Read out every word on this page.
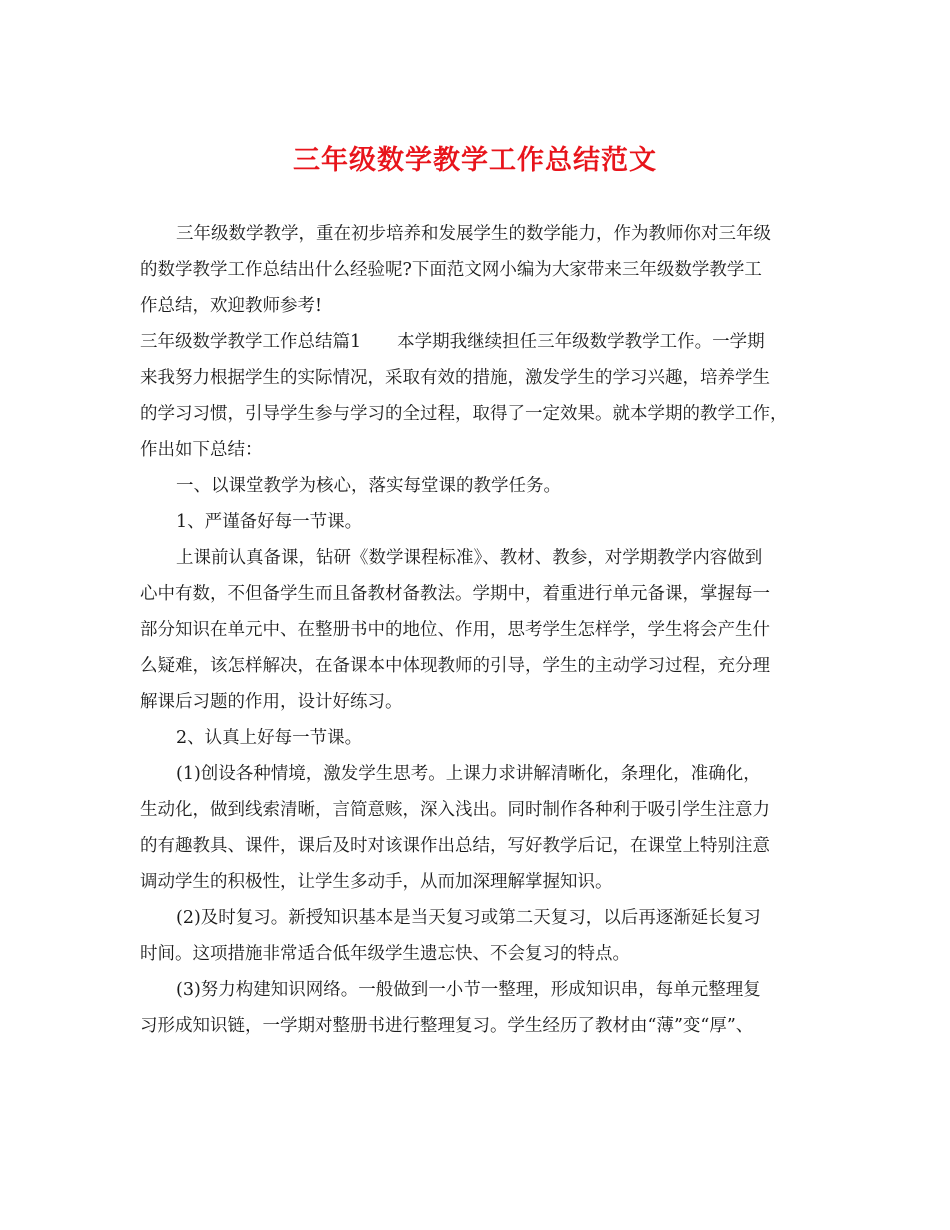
三年级数学教学工作总结范文
三年级数学教学，重在初步培养和发展学生的数学能力，作为教师你对三年级
的数学教学工作总结出什么经验呢?下面范文网小编为大家带来三年级数学教学工
作总结，欢迎教师参考!
三年级数学教学工作总结篇1 本学期我继续担任三年级数学教学工作。一学期
来我努力根据学生的实际情况，采取有效的措施，激发学生的学习兴趣，培养学生
的学习习惯，引导学生参与学习的全过程，取得了一定效果。就本学期的教学工作，
作出如下总结：
一、以课堂教学为核心，落实每堂课的教学任务。
1、严谨备好每一节课。
上课前认真备课，钻研《数学课程标准》、教材、教参，对学期教学内容做到
心中有数，不但备学生而且备教材备教法。学期中，着重进行单元备课，掌握每一
部分知识在单元中、在整册书中的地位、作用，思考学生怎样学，学生将会产生什
么疑难，该怎样解决，在备课本中体现教师的引导，学生的主动学习过程，充分理
解课后习题的作用，设计好练习。
2、认真上好每一节课。
(1)创设各种情境，激发学生思考。上课力求讲解清晰化，条理化，准确化，
生动化，做到线索清晰，言简意赅，深入浅出。同时制作各种利于吸引学生注意力
的有趣教具、课件，课后及时对该课作出总结，写好教学后记，在课堂上特别注意
调动学生的积极性，让学生多动手，从而加深理解掌握知识。
(2)及时复习。新授知识基本是当天复习或第二天复习，以后再逐渐延长复习
时间。这项措施非常适合低年级学生遗忘快、不会复习的特点。
(3)努力构建知识网络。一般做到一小节一整理，形成知识串，每单元整理复
习形成知识链，一学期对整册书进行整理复习。学生经历了教材由“薄”变“厚”、
